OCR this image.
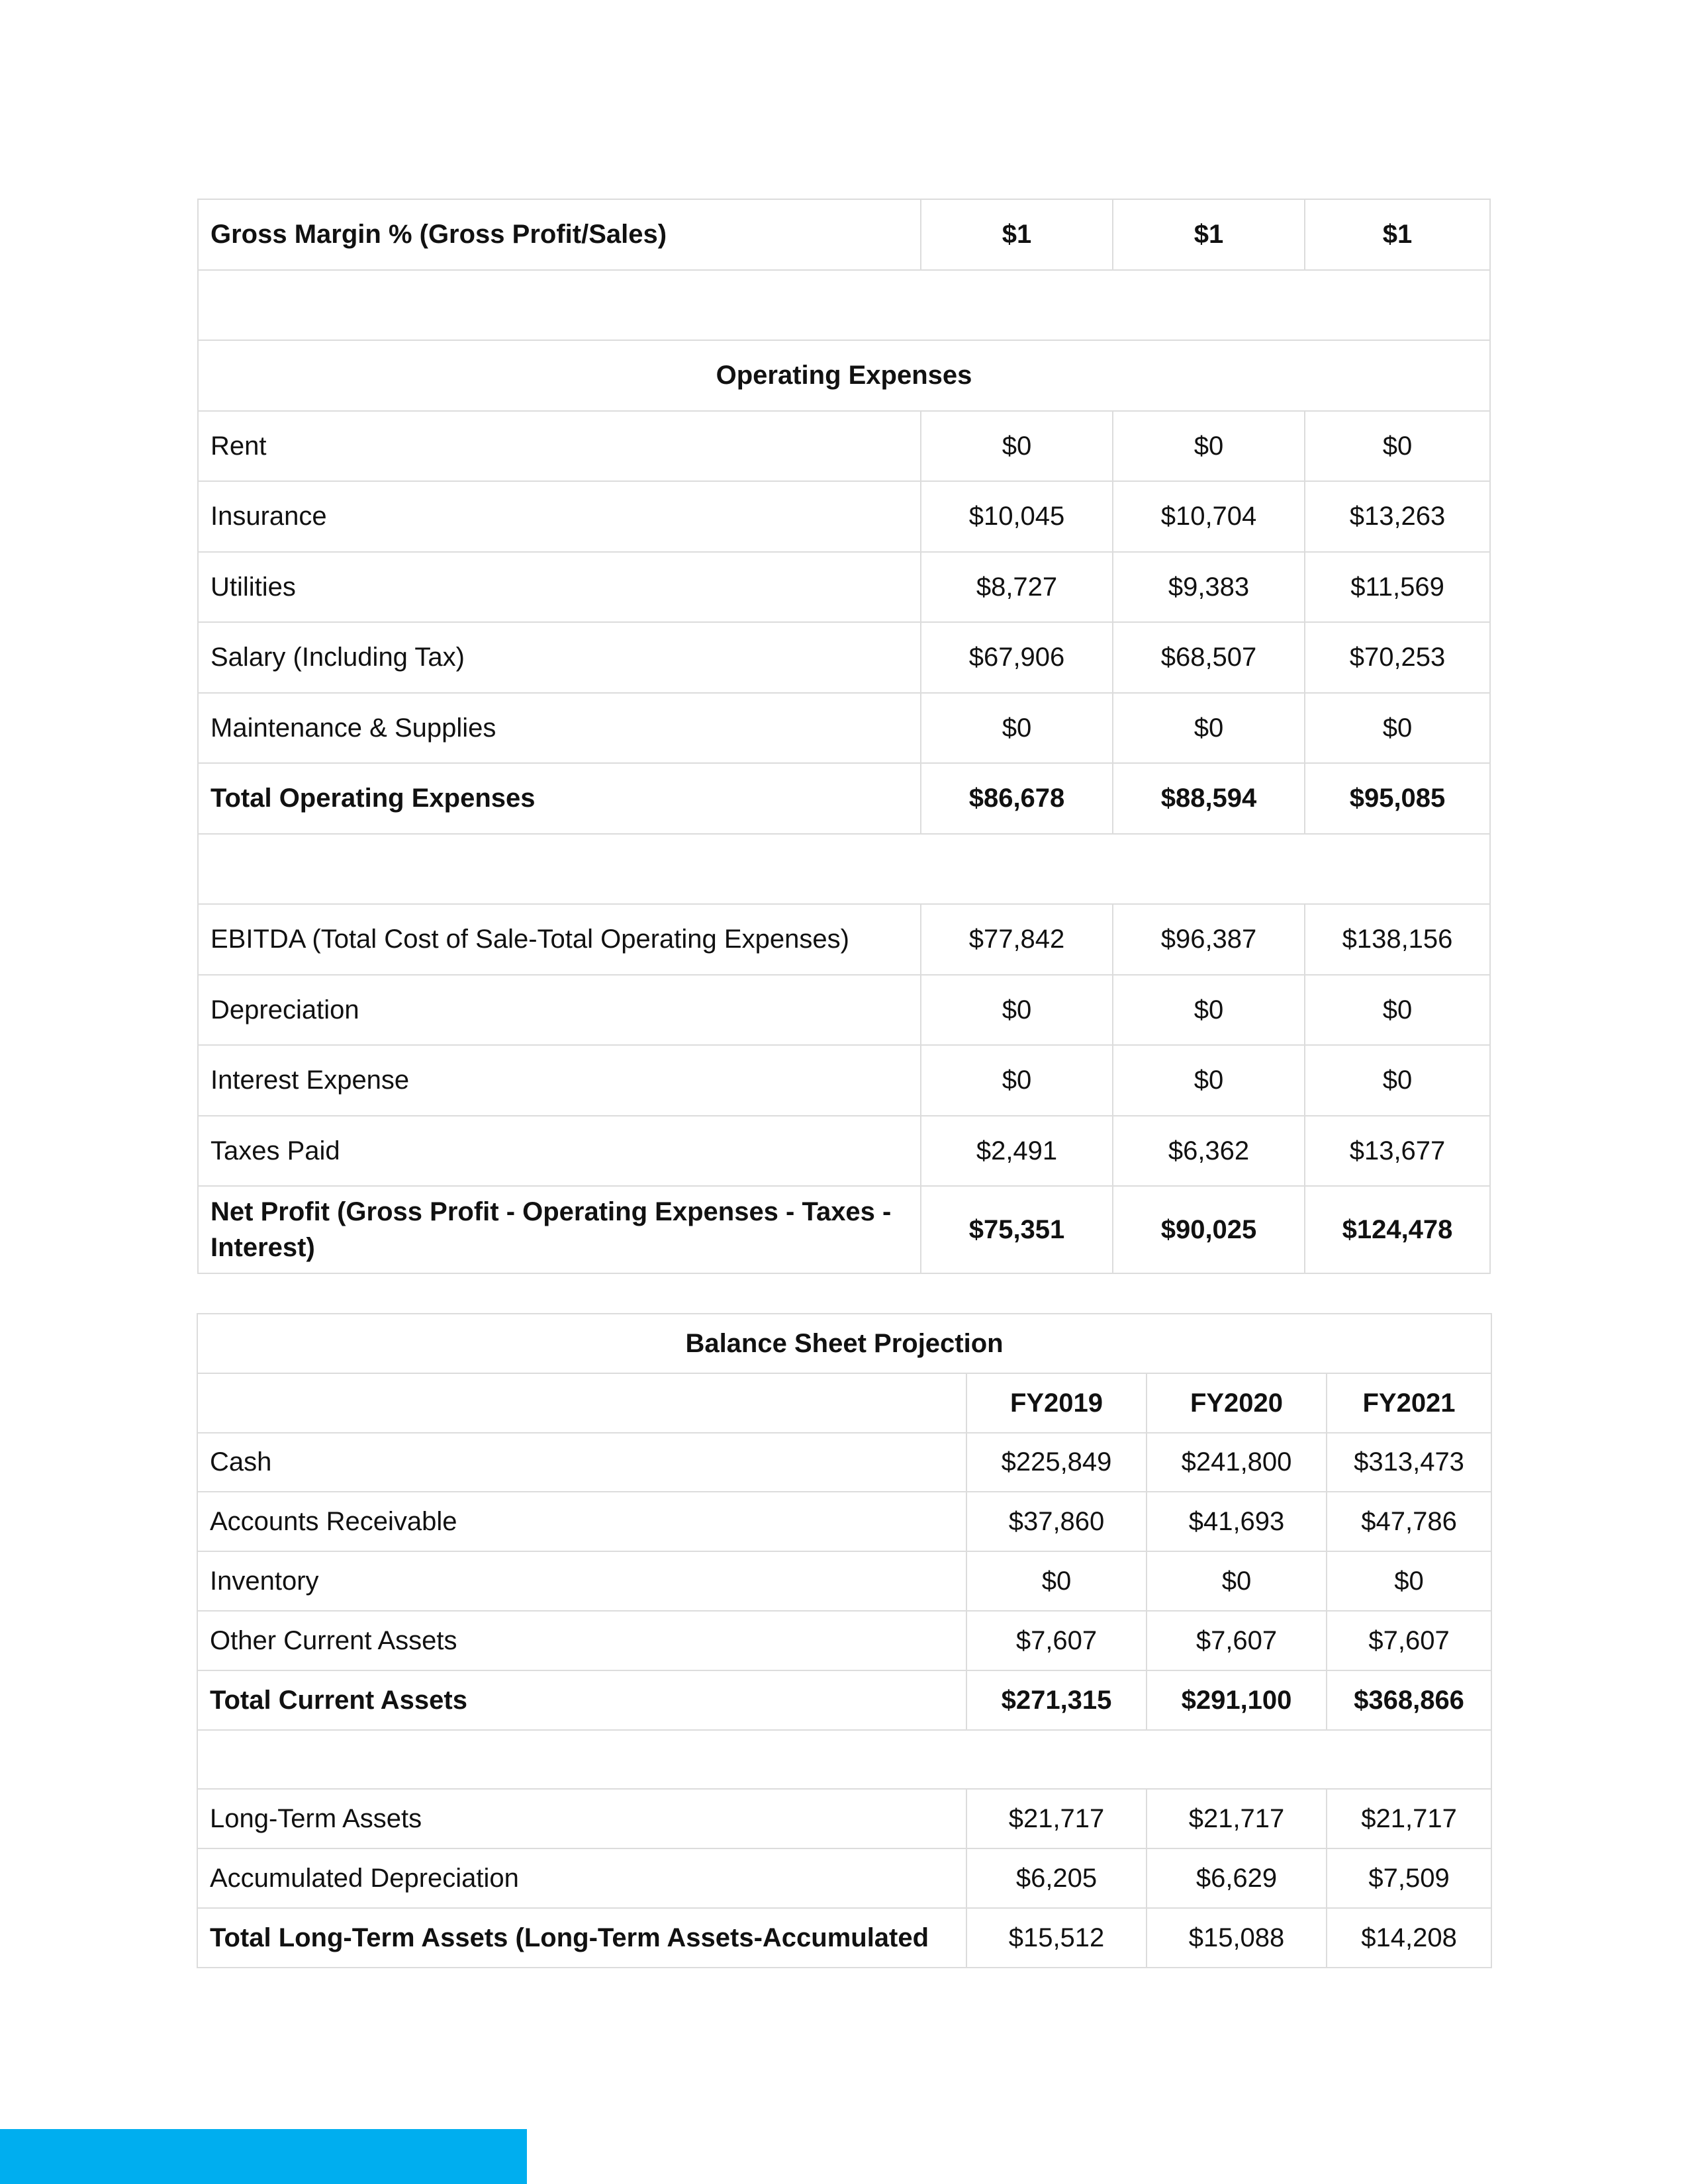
Gross Margin % (Gross Profit/Sales)	$1	$1	$1

Operating Expenses			
Rent	$0	$0	$0
Insurance	$10,045	$10,704	$13,263
Utilities	$8,727	$9,383	$11,569
Salary (Including Tax)	$67,906	$68,507	$70,253
Maintenance & Supplies	$0	$0	$0
Total Operating Expenses	$86,678	$88,594	$95,085

EBITDA (Total Cost of Sale-Total Operating Expenses)	$77,842	$96,387	$138,156
Depreciation	$0	$0	$0
Interest Expense	$0	$0	$0
Taxes Paid	$2,491	$6,362	$13,677
Net Profit (Gross Profit - Operating Expenses - Taxes - Interest)	$75,351	$90,025	$124,478
Balance Sheet Projection			
	FY2019	FY2020	FY2021
Cash	$225,849	$241,800	$313,473
Accounts Receivable	$37,860	$41,693	$47,786
Inventory	$0	$0	$0
Other Current Assets	$7,607	$7,607	$7,607
Total Current Assets	$271,315	$291,100	$368,866

Long-Term Assets	$21,717	$21,717	$21,717
Accumulated Depreciation	$6,205	$6,629	$7,509
Total Long-Term Assets (Long-Term Assets-Accumulated	$15,512	$15,088	$14,208
